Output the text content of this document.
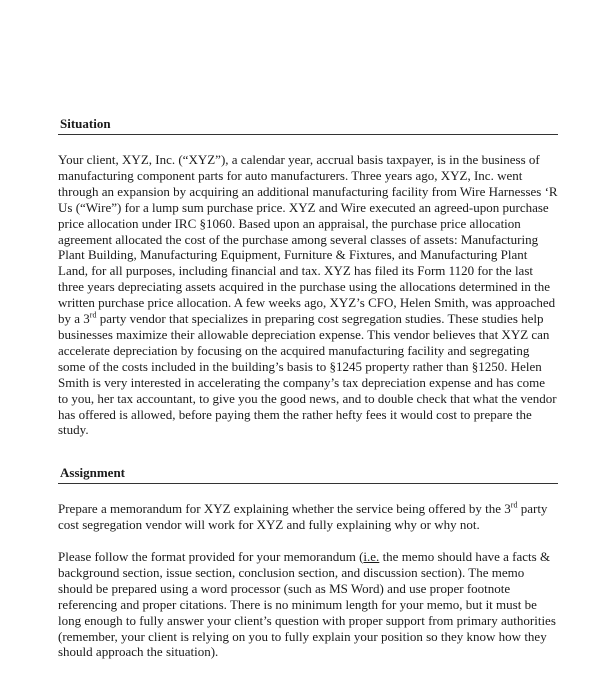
Situation

Your client, XYZ, Inc. (“XYZ”), a calendar year, accrual basis taxpayer, is in the business of manufacturing component parts for auto manufacturers. Three years ago, XYZ, Inc. went through an expansion by acquiring an additional manufacturing facility from Wire Harnesses ‘R Us (“Wire”) for a lump sum purchase price. XYZ and Wire executed an agreed-upon purchase price allocation under IRC §1060. Based upon an appraisal, the purchase price allocation agreement allocated the cost of the purchase among several classes of assets: Manufacturing Plant Building, Manufacturing Equipment, Furniture & Fixtures, and Manufacturing Plant Land, for all purposes, including financial and tax. XYZ has filed its Form 1120 for the last three years depreciating assets acquired in the purchase using the allocations determined in the written purchase price allocation. A few weeks ago, XYZ’s CFO, Helen Smith, was approached by a 3rd party vendor that specializes in preparing cost segregation studies. These studies help businesses maximize their allowable depreciation expense. This vendor believes that XYZ can accelerate depreciation by focusing on the acquired manufacturing facility and segregating some of the costs included in the building’s basis to §1245 property rather than §1250. Helen Smith is very interested in accelerating the company’s tax depreciation expense and has come to you, her tax accountant, to give you the good news, and to double check that what the vendor has offered is allowed, before paying them the rather hefty fees it would cost to prepare the study.

Assignment

Prepare a memorandum for XYZ explaining whether the service being offered by the 3rd party cost segregation vendor will work for XYZ and fully explaining why or why not.

Please follow the format provided for your memorandum (i.e. the memo should have a facts & background section, issue section, conclusion section, and discussion section). The memo should be prepared using a word processor (such as MS Word) and use proper footnote referencing and proper citations. There is no minimum length for your memo, but it must be long enough to fully answer your client’s question with proper support from primary authorities (remember, your client is relying on you to fully explain your position so they know how they should approach the situation).
